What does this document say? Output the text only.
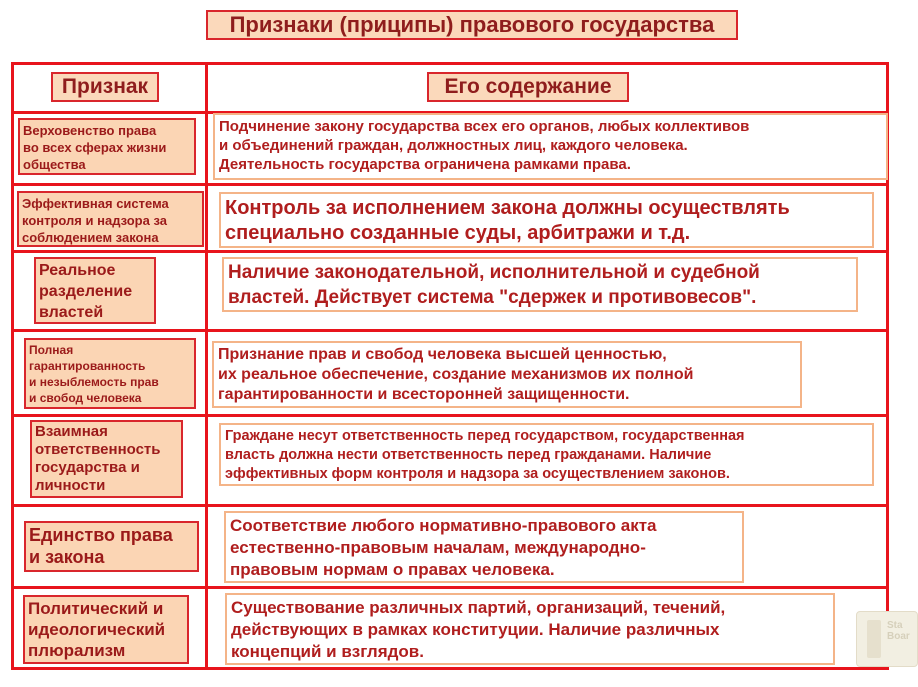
Признаки (приципы) правового государства
Признак	Его содержание
Верховенство права
во всех сферах жизни
общества
Подчинение закону государства всех его органов, любых коллективов
и объединений граждан, должностных лиц, каждого человека.
Деятельность государства ограничена рамками права.
Эффективная система
контроля и надзора за
соблюдением закона
Контроль за исполнением закона должны осуществлять
специально созданные суды, арбитражи и т.д.
Реальное
разделение
властей
Наличие законодательной, исполнительной и судебной
властей. Действует система "сдержек и противовесов".
Полная
гарантированность
и незыблемость прав
и свобод человека
Признание прав и свобод человека высшей ценностью,
их реальное обеспечение, создание механизмов их полной
гарантированности и всесторонней защищенности.
Взаимная
ответственность
государства и
личности
Граждане несут ответственность перед государством, государственная
власть должна нести ответственность перед гражданами. Наличие
эффективных форм контроля и надзора за осуществлением законов.
Единство права
и закона
Соответствие любого нормативно-правового акта
естественно-правовым началам, международно-
правовым нормам о правах человека.
Политический и
идеологический
плюрализм
Существование различных партий, организаций, течений,
действующих в рамках конституции. Наличие различных
концепций и взглядов.
Sta
Boar
